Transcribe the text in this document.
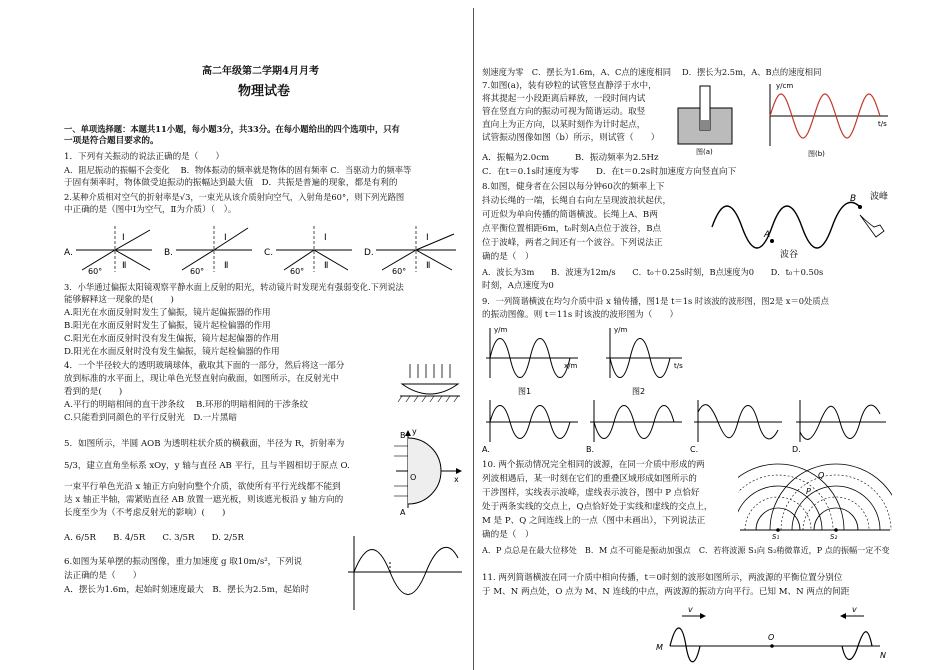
高二年级第二学期4月月考
物理试卷
一、单项选择题：本题共11小题，每小题3分，共33分。在每小题给出的四个选项中，只有
一项是符合题目要求的。
1．下列有关振动的说法正确的是（　　）
A．阻尼振动的振幅不会变化　 B．物体振动的频率就是物体的固有频率 C．当驱动力的频率等
于固有频率时，物体做受迫振动的振幅达到最大值　D．共振是普遍的现象，都是有利的
2.某种介质相对空气的折射率是√3，一束光从该介质射向空气，入射角是60°，则下列光路图
中正确的是（图中Ⅰ为空气，Ⅱ为介质）（　）。
A.
Ⅰ
Ⅱ
60°
B.
Ⅰ
Ⅱ
60°
C.
Ⅰ
Ⅱ
60°
D.
Ⅰ
Ⅱ
60°
3．小华通过偏振太阳镜观察平静水面上反射的阳光，转动镜片时发现光有强弱变化.下列说法
能够解释这一现象的是(　　)
A.阳光在水面反射时发生了偏振，镜片起偏振器的作用
B.阳光在水面反射时发生了偏振，镜片起检偏器的作用
C.阳光在水面反射时没有发生偏振，镜片起起偏器的作用
D.阳光在水面反射时没有发生偏振，镜片起检偏器的作用
4．一个半径较大的透明玻璃球体，截取其下面的一部分，然后将这一部分
放到标准的水平面上，现让单色光竖直射向截面，如图所示，在反射光中
看到的是(　　)
A.平行的明暗相间的直干涉条纹　 B.环形的明暗相间的干涉条纹
C.只能看到同颜色的平行反射光　D.一片黑暗
5．如图所示，半圆 AOB 为透明柱状介质的横截面，半径为 R，折射率为
5/3，建立直角坐标系 xOy，y 轴与直径 AB 平行，且与半圆相切于原点 O.
一束平行单色光沿 x 轴正方向射向整个介质，欲使所有平行光线都不能到
达 x 轴正半轴，需紧贴直径 AB 放置一遮光板，则该遮光板沿 y 轴方向的
长度至少为（不考虑反射光的影响）(　　)
A. 6/5R　　B. 4/5R　　C. 3/5R　　D. 2/5R
y
O	x
A
B
6.如图为某单摆的振动图像，重力加速度 g 取10m/s²，下列说
法正确的是（　　）
A．摆长为1.6m，起始时刻速度最大　B．摆长为2.5m，起始时
刻速度为零　C．摆长为1.6m，A、C点的速度相同　 D．摆长为2.5m，A、B点的速度相同
7.如图(a)，装有砂粒的试管竖直静浮于水中，
将其提起一小段距离后释放，一段时间内试
管在竖直方向的振动可视为简谐运动。取竖
直向上为正方向，以某时刻作为计时起点，
试管振动图像如图（b）所示，则试管（　　）
A．振幅为2.0cm　　　B．振动频率为2.5Hz
C．在t＝0.1s时速度为零　　D．在t＝0.2s时加速度方向竖直向下
图(a)
y/cm
t/s
图(b)
8.如图，健身者在公园以每分钟60次的频率上下
抖动长绳的一端，长绳自右向左呈现波浪状起伏，
可近似为单向传播的简谐横波。长绳上A、B两
点平衡位置相距6m，t₀时刻A点位于波谷，B点
位于波峰，两者之间还有一个波谷。下列说法正
确的是（　）
A．波长为3m　　B．波速为12m/s　　C．t₀＋0.25s时刻，B点速度为0　　D．t₀＋0.50s
时刻，A点速度为0
A
B 波峰
波谷
9．一列简谐横波在均匀介质中沿 x 轴传播，图1是 t＝1s 时该波的波形图，图2是 x＝0处质点
的振动图像。则 t＝11s 时该波的波形图为（　　）
y/m
x/m
图1
y/m
t/s
图2
A.	B.	C.	D.
10. 两个振动情况完全相同的波源，在同一介质中形成的两
列波相遇后，某一时刻在它们的重叠区域形成如图所示的
干涉图样，实线表示波峰，虚线表示波谷，图中 P 点恰好
处于两条实线的交点上，Q点恰好处于实线和虚线的交点上，
M 是 P、Q 之间连线上的一点（图中未画出），下列说法正
确的是（　）
A．P 点总是在最大位移处　B．M 点不可能是振动加强点　C．若将波源 S₁向 S₂稍微靠近，P 点的振幅一定不变
P
Q
S₁	S₂
11. 两列简谐横波在同一介质中相向传播，t＝0时刻的波形如图所示，两波源的平衡位置分别位
于 M、N 两点处，O 点为 M、N 连线的中点，两波源的振动方向平行。已知 M、N 两点的间距
M
O
N
v	v
